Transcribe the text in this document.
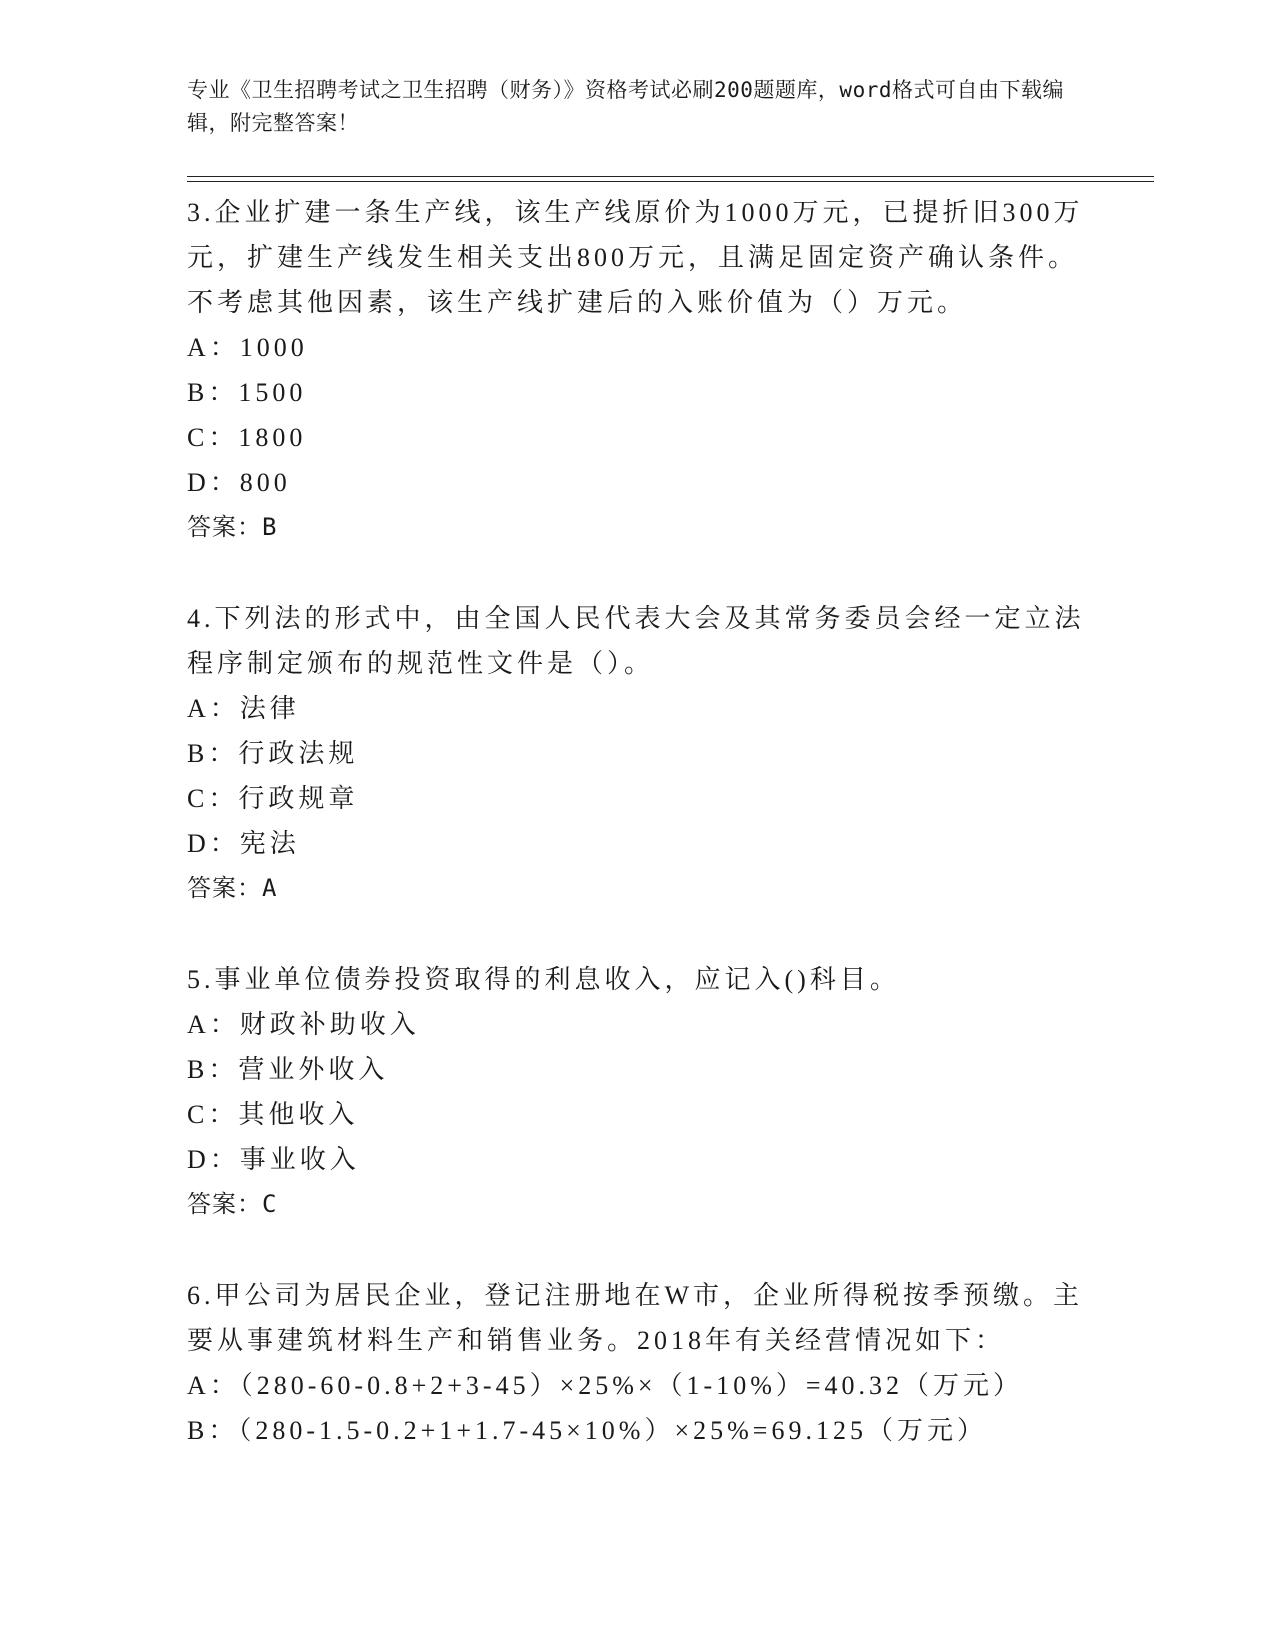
专业《卫生招聘考试之卫生招聘（财务）》资格考试必刷200题题库，word格式可自由下载编辑，附完整答案！
3.企业扩建一条生产线，该生产线原价为1000万元，已提折旧300万元，扩建生产线发生相关支出800万元，且满足固定资产确认条件。不考虑其他因素，该生产线扩建后的入账价值为（）万元。
A：1000
B：1500
C：1800
D：800
答案：B
4.下列法的形式中，由全国人民代表大会及其常务委员会经一定立法程序制定颁布的规范性文件是（）。
A：法律
B：行政法规
C：行政规章
D：宪法
答案：A
5.事业单位债券投资取得的利息收入，应记入()科目。
A：财政补助收入
B：营业外收入
C：其他收入
D：事业收入
答案：C
6.甲公司为居民企业，登记注册地在W市，企业所得税按季预缴。主要从事建筑材料生产和销售业务。2018年有关经营情况如下：
A：（280-60-0.8+2+3-45）×25%×（1-10%）=40.32（万元）
B：（280-1.5-0.2+1+1.7-45×10%）×25%=69.125（万元）
